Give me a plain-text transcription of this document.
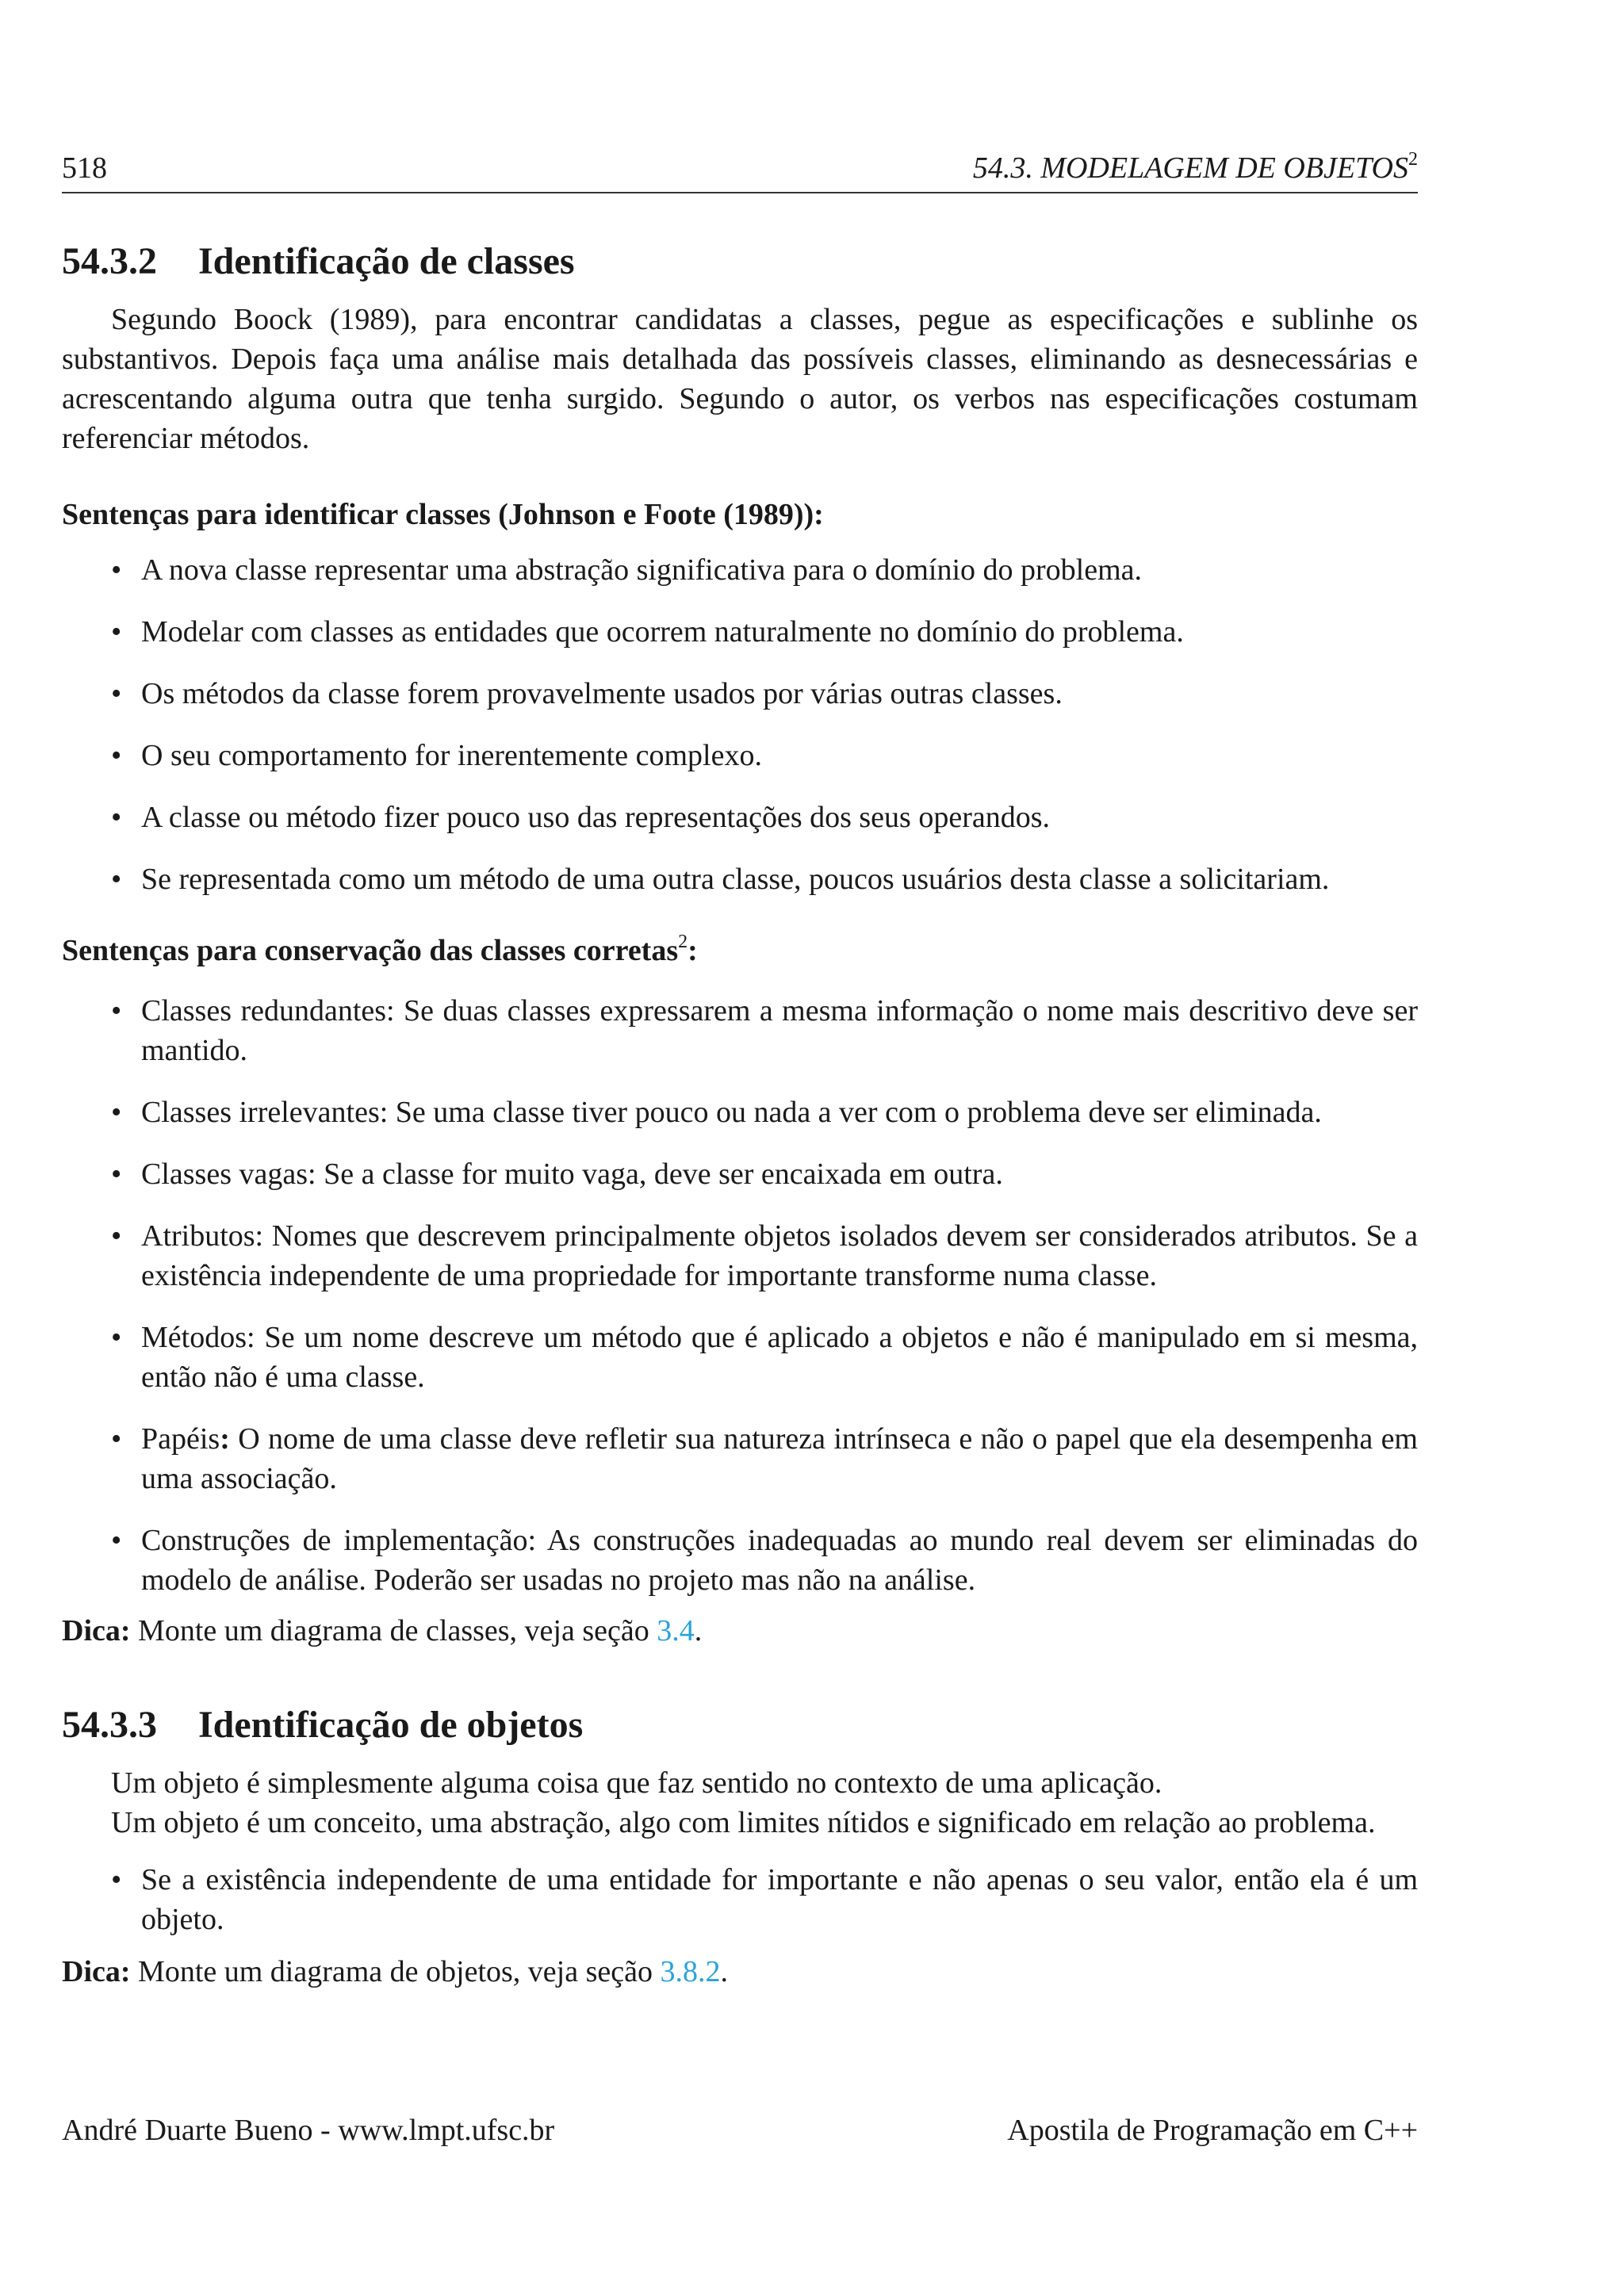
518	54.3. MODELAGEM DE OBJETOS$^2$
54.3.2 Identificação de classes

Segundo Boock (1989), para encontrar candidatas a classes, pegue as especificações e sublinhe os substantivos. Depois faça uma análise mais detalhada das possíveis classes, eliminando as desnecessárias e acrescentando alguma outra que tenha surgido. Segundo o autor, os verbos nas especificações costumam referenciar métodos.

Sentenças para identificar classes (Johnson e Foote (1989)):
• A nova classe representar uma abstração significativa para o domínio do problema.
• Modelar com classes as entidades que ocorrem naturalmente no domínio do problema.
• Os métodos da classe forem provavelmente usados por várias outras classes.
• O seu comportamento for inerentemente complexo.
• A classe ou método fizer pouco uso das representações dos seus operandos.
• Se representada como um método de uma outra classe, poucos usuários desta classe a solicitariam.
Sentenças para conservação das classes corretas$^2$:
• Classes redundantes: Se duas classes expressarem a mesma informação o nome mais descritivo deve ser mantido.
• Classes irrelevantes: Se uma classe tiver pouco ou nada a ver com o problema deve ser eliminada.
• Classes vagas: Se a classe for muito vaga, deve ser encaixada em outra.
• Atributos: Nomes que descrevem principalmente objetos isolados devem ser considerados atributos. Se a existência independente de uma propriedade for importante transforme numa classe.
• Métodos: Se um nome descreve um método que é aplicado a objetos e não é manipulado em si mesma, então não é uma classe.
• Papéis: O nome de uma classe deve refletir sua natureza intrínseca e não o papel que ela desempenha em uma associação.
• Construções de implementação: As construções inadequadas ao mundo real devem ser eliminadas do modelo de análise. Poderão ser usadas no projeto mas não na análise.
Dica: Monte um diagrama de classes, veja seção 3.4.
54.3.3 Identificação de objetos

Um objeto é simplesmente alguma coisa que faz sentido no contexto de uma aplicação.

Um objeto é um conceito, uma abstração, algo com limites nítidos e significado em relação ao problema.

• Se a existência independente de uma entidade for importante e não apenas o seu valor, então ela é um objeto.
Dica: Monte um diagrama de objetos, veja seção 3.8.2.
André Duarte Bueno - www.lmpt.ufsc.br	Apostila de Programação em C++
